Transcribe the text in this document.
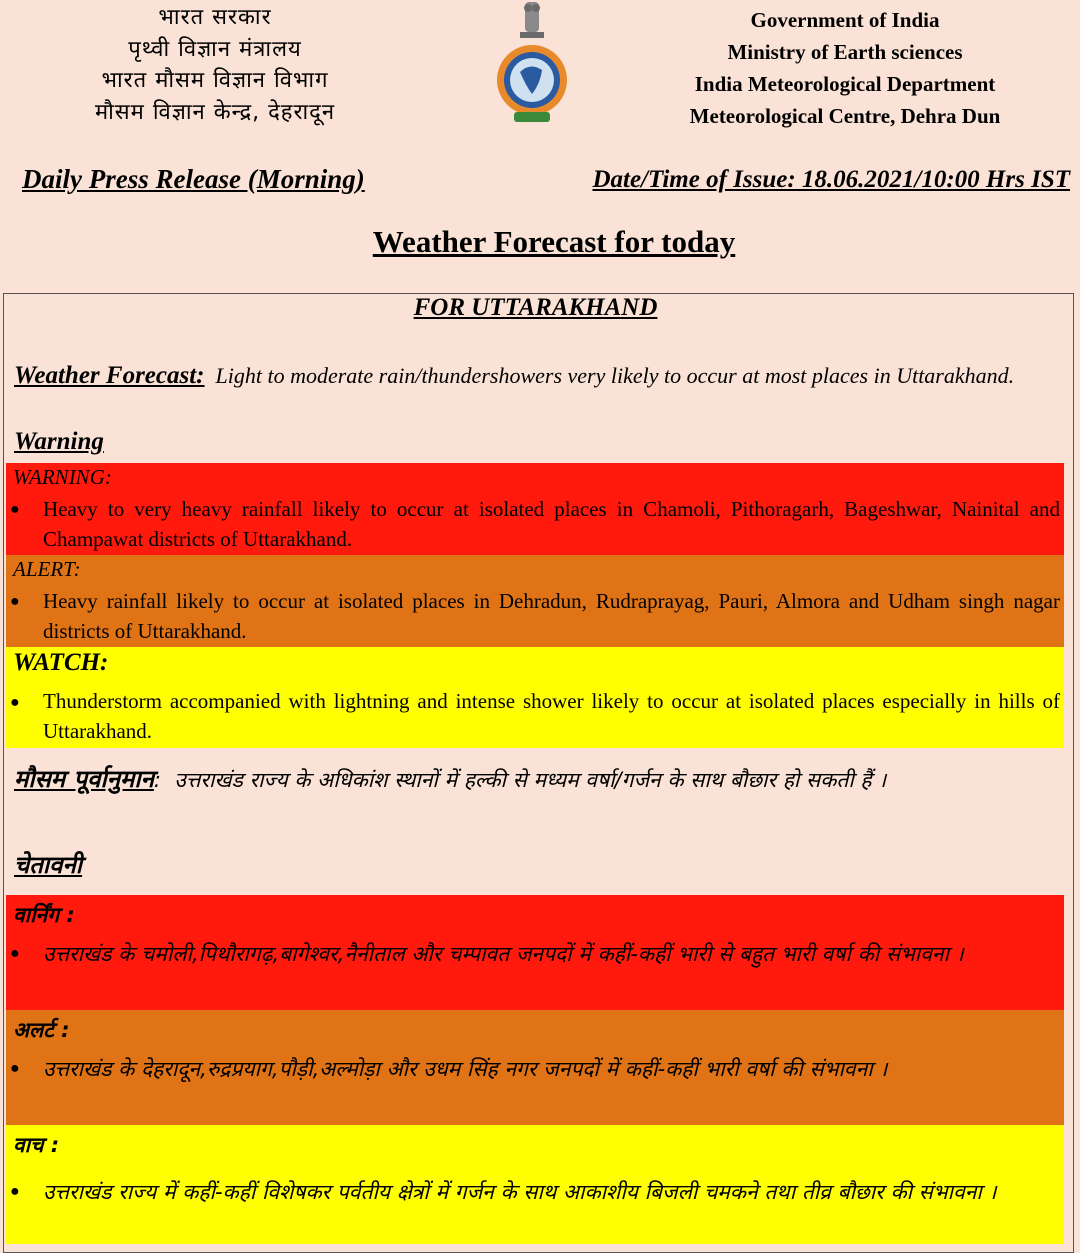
भारत सरकार
पृथ्वी विज्ञान मंत्रालय
भारत मौसम विज्ञान विभाग
मौसम विज्ञान केन्द्र, देहरादून
Government of India
Ministry of Earth sciences
India Meteorological Department
Meteorological Centre, Dehra Dun
Daily Press Release (Morning)	Date/Time of Issue: 18.06.2021/10:00 Hrs IST
Weather Forecast for today
FOR UTTARAKHAND
Weather Forecast: Light to moderate rain/thundershowers very likely to occur at most places in Uttarakhand.
Warning
WARNING:
● Heavy to very heavy rainfall likely to occur at isolated places in Chamoli, Pithoragarh, Bageshwar, Nainital and Champawat districts of Uttarakhand.
ALERT:
● Heavy rainfall likely to occur at isolated places in Dehradun, Rudraprayag, Pauri, Almora and Udham singh nagar districts of Uttarakhand.
WATCH:
● Thunderstorm accompanied with lightning and intense shower likely to occur at isolated places especially in hills of Uttarakhand.
मौसम पूर्वानुमान:  उत्तराखंड राज्य के अधिकांश स्थानों में हल्की से मध्यम वर्षा/गर्जन के साथ बौछार हो सकती हैं ।
चेतावनी
वार्निंग :
● उत्तराखंड के चमोली,पिथौरागढ़,बागेश्वर,नैनीताल और चम्पावत जनपदों में कहीं-कहीं भारी से बहुत भारी वर्षा की संभावना ।
अलर्ट :
● उत्तराखंड के देहरादून,रुद्रप्रयाग,पौड़ी,अल्मोड़ा और उधम सिंह नगर जनपदों में कहीं-कहीं भारी वर्षा की संभावना ।
वाच :
● उत्तराखंड राज्य में कहीं-कहीं विशेषकर पर्वतीय क्षेत्रों में गर्जन के साथ आकाशीय बिजली चमकने तथा तीव्र बौछार की संभावना ।
